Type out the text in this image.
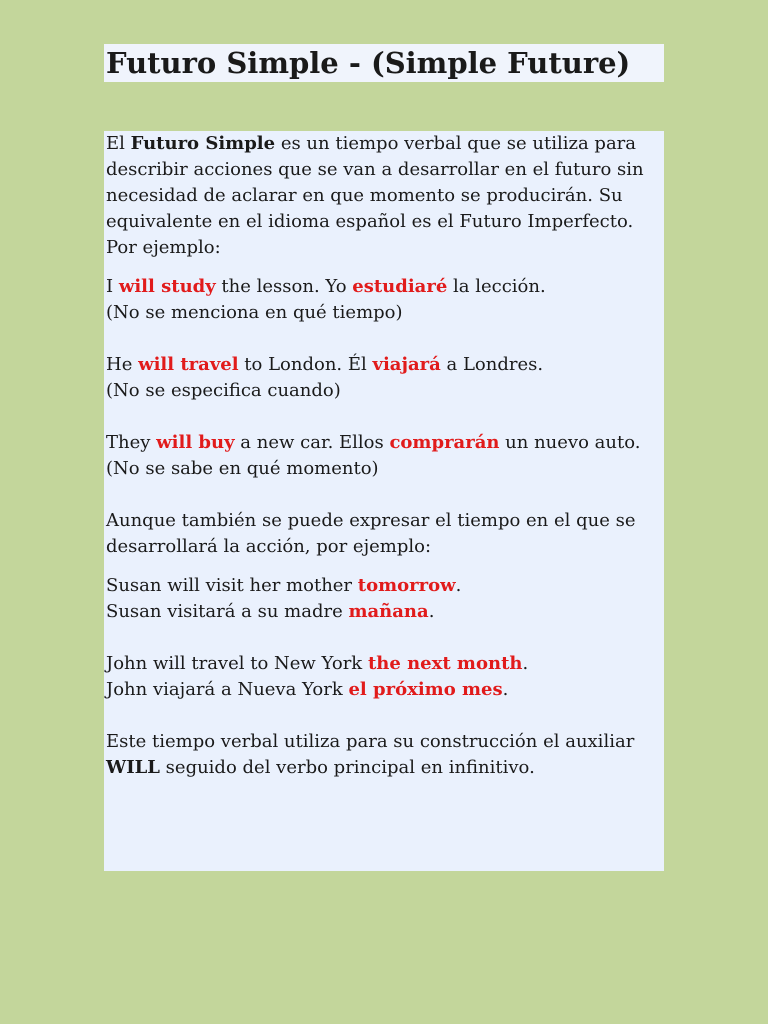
Futuro Simple - (Simple Future)

El Futuro Simple es un tiempo verbal que se utiliza para describir acciones que se van a desarrollar en el futuro sin necesidad de aclarar en que momento se producirán. Su equivalente en el idioma español es el Futuro Imperfecto. Por ejemplo:

I will study the lesson. Yo estudiaré la lección.

(No se menciona en qué tiempo)

He will travel to London. Él viajará a Londres.

(No se especifica cuando)

They will buy a new car. Ellos comprarán un nuevo auto.

(No se sabe en qué momento)

Aunque también se puede expresar el tiempo en el que se desarrollará la acción, por ejemplo:

Susan will visit her mother tomorrow.

Susan visitará a su madre mañana.

John will travel to New York the next month.

John viajará a Nueva York el próximo mes.

Este tiempo verbal utiliza para su construcción el auxiliar WILL seguido del verbo principal en infinitivo.
